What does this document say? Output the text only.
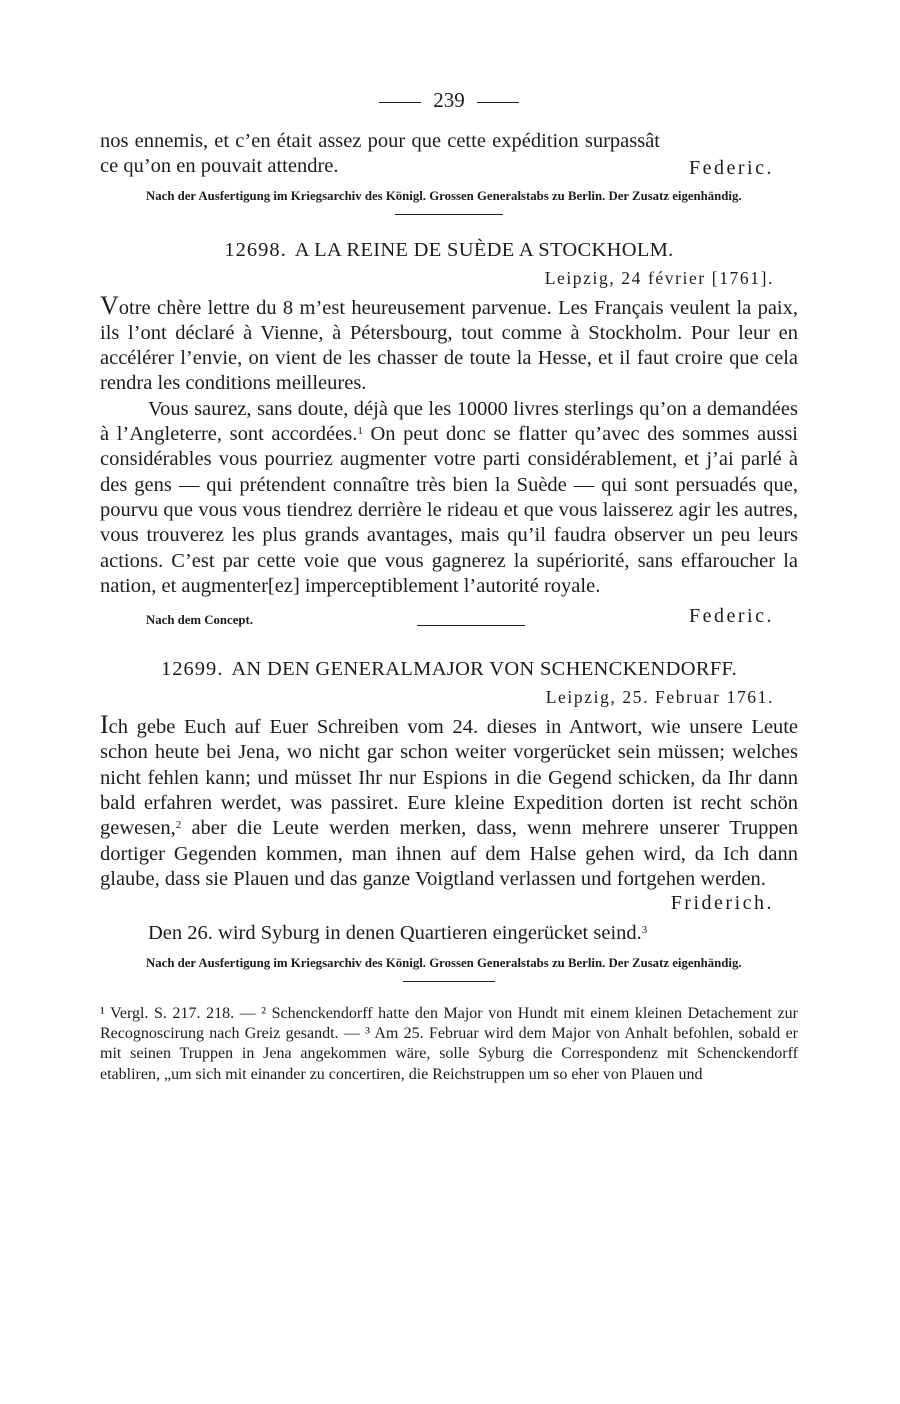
239

nos ennemis, et c’en était assez pour que cette expédition surpassât ce qu’on en pouvait attendre.	Federic.

Nach der Ausfertigung im Kriegsarchiv des Königl. Grossen Generalstabs zu Berlin. Der Zusatz eigenhändig.

12698. A LA REINE DE SUÈDE A STOCKHOLM.
Leipzig, 24 février [1761].

Votre chère lettre du 8 m’est heureusement parvenue. Les Français veulent la paix, ils l’ont déclaré à Vienne, à Pétersbourg, tout comme à Stockholm. Pour leur en accélérer l’envie, on vient de les chasser de toute la Hesse, et il faut croire que cela rendra les conditions meilleures.

Vous saurez, sans doute, déjà que les 10000 livres sterlings qu’on a demandées à l’Angleterre, sont accordées.$^1$ On peut donc se flatter qu’avec des sommes aussi considérables vous pourriez augmenter votre parti considérablement, et j’ai parlé à des gens — qui prétendent connaître très bien la Suède — qui sont persuadés que, pourvu que vous vous tiendrez derrière le rideau et que vous laisserez agir les autres, vous trouverez les plus grands avantages, mais qu’il faudra observer un peu leurs actions. C’est par cette voie que vous gagnerez la supériorité, sans effaroucher la nation, et augmenter[ez] imperceptiblement l’autorité royale.

Nach dem Concept.	Federic.
12699. AN DEN GENERALMAJOR VON SCHENCKENDORFF.
Leipzig, 25. Februar 1761.

Ich gebe Euch auf Euer Schreiben vom 24. dieses in Antwort, wie unsere Leute schon heute bei Jena, wo nicht gar schon weiter vorgerücket sein müssen; welches nicht fehlen kann; und müsset Ihr nur Espions in die Gegend schicken, da Ihr dann bald erfahren werdet, was passiret. Eure kleine Expedition dorten ist recht schön gewesen,$^2$ aber die Leute werden merken, dass, wenn mehrere unserer Truppen dortiger Gegenden kommen, man ihnen auf dem Halse gehen wird, da Ich dann glaube, dass sie Plauen und das ganze Voigtland verlassen und fortgehen werden.

Friderich.

Den 26. wird Syburg in denen Quartieren eingerücket seind.$^3$

Nach der Ausfertigung im Kriegsarchiv des Königl. Grossen Generalstabs zu Berlin. Der Zusatz eigenhändig.

¹ Vergl. S. 217. 218. — ² Schenckendorff hatte den Major von Hundt mit einem kleinen Detachement zur Recognoscirung nach Greiz gesandt. — ³ Am 25. Februar wird dem Major von Anhalt befohlen, sobald er mit seinen Truppen in Jena angekommen wäre, solle Syburg die Correspondenz mit Schenckendorff etabliren, „um sich mit einander zu concertiren, die Reichstruppen um so eher von Plauen und
